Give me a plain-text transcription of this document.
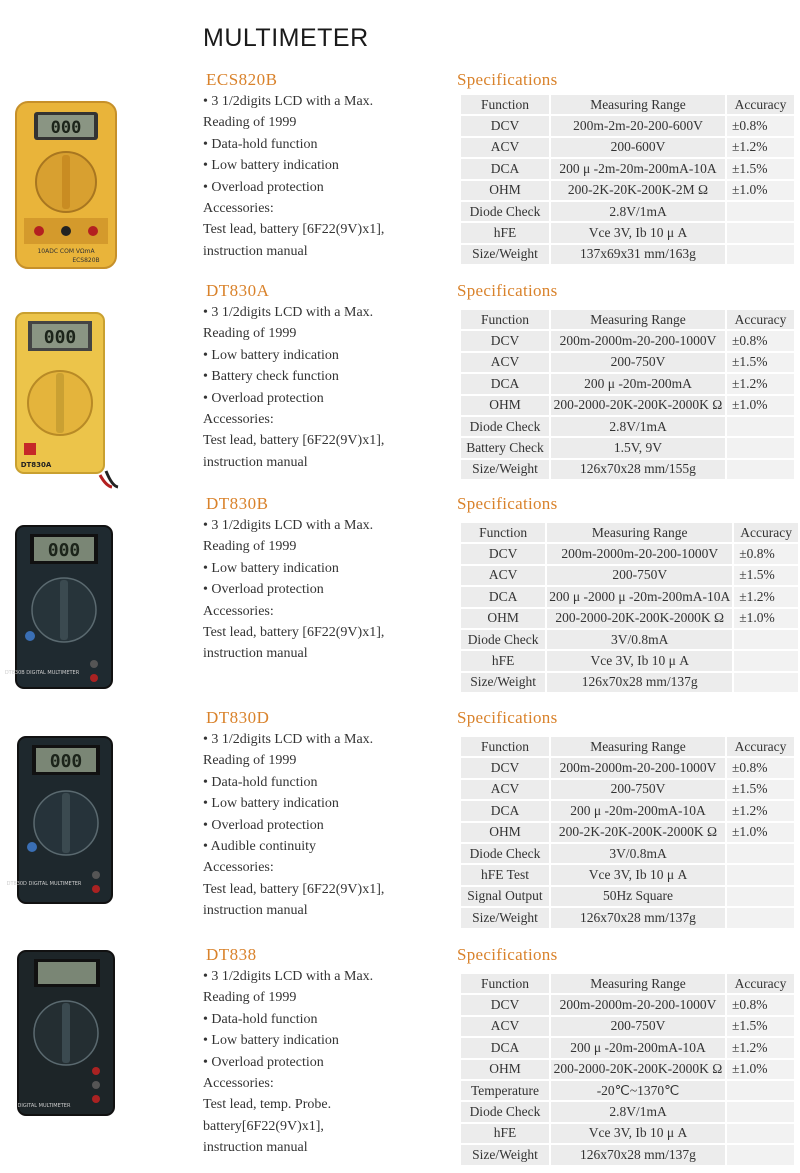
MULTIMETER
000
10ADC COM VΩmA
ECS820B
ECS820B
• 3 1/2digits LCD with a Max.
Reading of 1999
• Data-hold function
• Low battery indication
• Overload protection
Accessories:
Test lead, battery [6F22(9V)x1],
instruction manual
Specifications
Function	Measuring Range	Accuracy
DCV	200m-2m-20-200-600V	±0.8%
ACV	200-600V	±1.2%
DCA	200 μ -2m-20m-200mA-10A	±1.5%
OHM	200-2K-20K-200K-2M Ω	±1.0%
Diode Check	2.8V/1mA	
hFE	Vce 3V, Ib 10 μ A	
Size/Weight	137x69x31 mm/163g	
000
DT830A
DT830A
• 3 1/2digits LCD with a Max.
Reading of 1999
• Low battery indication
• Battery check function
• Overload protection
Accessories:
Test lead, battery [6F22(9V)x1],
instruction manual
Specifications
Function	Measuring Range	Accuracy
DCV	200m-2000m-20-200-1000V	±0.8%
ACV	200-750V	±1.5%
DCA	200 μ -20m-200mA	±1.2%
OHM	200-2000-20K-200K-2000K Ω	±1.0%
Diode Check	2.8V/1mA	
Battery Check	1.5V, 9V	
Size/Weight	126x70x28 mm/155g	
000
DT830B DIGITAL MULTIMETER
DT830B
• 3 1/2digits LCD with a Max.
Reading of 1999
• Low battery indication
• Overload protection
Accessories:
Test lead, battery [6F22(9V)x1],
instruction manual
Specifications
Function	Measuring Range	Accuracy
DCV	200m-2000m-20-200-1000V	±0.8%
ACV	200-750V	±1.5%
DCA	200 μ -2000 μ -20m-200mA-10A	±1.2%
OHM	200-2000-20K-200K-2000K Ω	±1.0%
Diode Check	3V/0.8mA	
hFE	Vce 3V, Ib 10 μ A	
Size/Weight	126x70x28 mm/137g	
000
DT830D DIGITAL MULTIMETER
DT830D
• 3 1/2digits LCD with a Max.
Reading of 1999
• Data-hold function
• Low battery indication
• Overload protection
• Audible continuity
Accessories:
Test lead, battery [6F22(9V)x1],
instruction manual
Specifications
Function	Measuring Range	Accuracy
DCV	200m-2000m-20-200-1000V	±0.8%
ACV	200-750V	±1.5%
DCA	200 μ -20m-200mA-10A	±1.2%
OHM	200-2K-20K-200K-2000K Ω	±1.0%
Diode Check	3V/0.8mA	
hFE Test	Vce 3V, Ib 10 μ A	
Signal Output	50Hz Square	
Size/Weight	126x70x28 mm/137g	
DIGITAL MULTIMETER
DT838
• 3 1/2digits LCD with a Max.
Reading of 1999
• Data-hold function
• Low battery indication
• Overload protection
Accessories:
Test lead, temp. Probe.
battery[6F22(9V)x1],
instruction manual
Specifications
Function	Measuring Range	Accuracy
DCV	200m-2000m-20-200-1000V	±0.8%
ACV	200-750V	±1.5%
DCA	200 μ -20m-200mA-10A	±1.2%
OHM	200-2000-20K-200K-2000K Ω	±1.0%
Temperature	-20℃~1370℃	
Diode Check	2.8V/1mA	
hFE	Vce 3V, Ib 10 μ A	
Size/Weight	126x70x28 mm/137g	
